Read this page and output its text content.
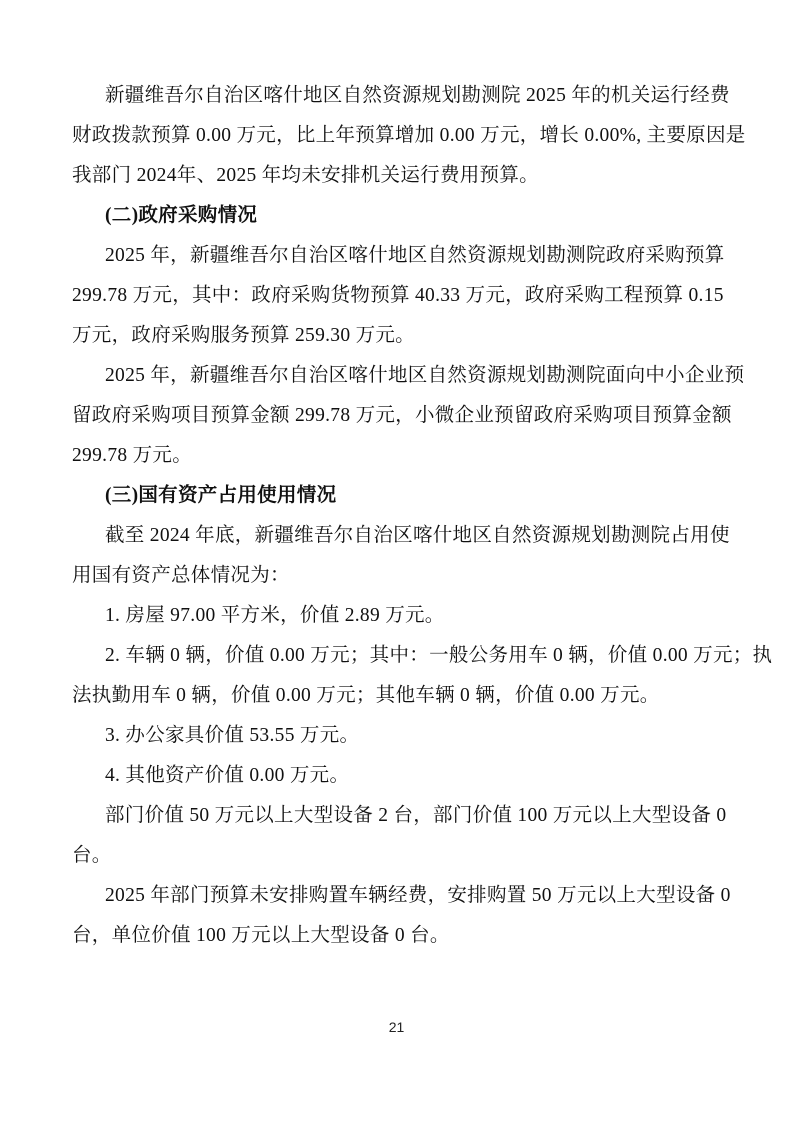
新疆维吾尔自治区喀什地区自然资源规划勘测院 2025 年的机关运行经费
财政拨款预算 0.00 万元，比上年预算增加 0.00 万元，增长 0.00%, 主要原因是
我部门 2024年、2025 年均未安排机关运行费用预算。
(二)政府采购情况
2025 年，新疆维吾尔自治区喀什地区自然资源规划勘测院政府采购预算
299.78 万元，其中：政府采购货物预算 40.33 万元，政府采购工程预算 0.15
万元，政府采购服务预算 259.30 万元。
2025 年，新疆维吾尔自治区喀什地区自然资源规划勘测院面向中小企业预
留政府采购项目预算金额 299.78 万元，小微企业预留政府采购项目预算金额
299.78 万元。
(三)国有资产占用使用情况
截至 2024 年底，新疆维吾尔自治区喀什地区自然资源规划勘测院占用使
用国有资产总体情况为：
1. 房屋 97.00 平方米，价值 2.89 万元。
2. 车辆 0 辆，价值 0.00 万元；其中：一般公务用车 0 辆，价值 0.00 万元；执
法执勤用车 0 辆，价值 0.00 万元；其他车辆 0 辆，价值 0.00 万元。
3. 办公家具价值 53.55 万元。
4. 其他资产价值 0.00 万元。
部门价值 50 万元以上大型设备 2 台，部门价值 100 万元以上大型设备 0
台。
2025 年部门预算未安排购置车辆经费，安排购置 50 万元以上大型设备 0
台，单位价值 100 万元以上大型设备 0 台。
21
